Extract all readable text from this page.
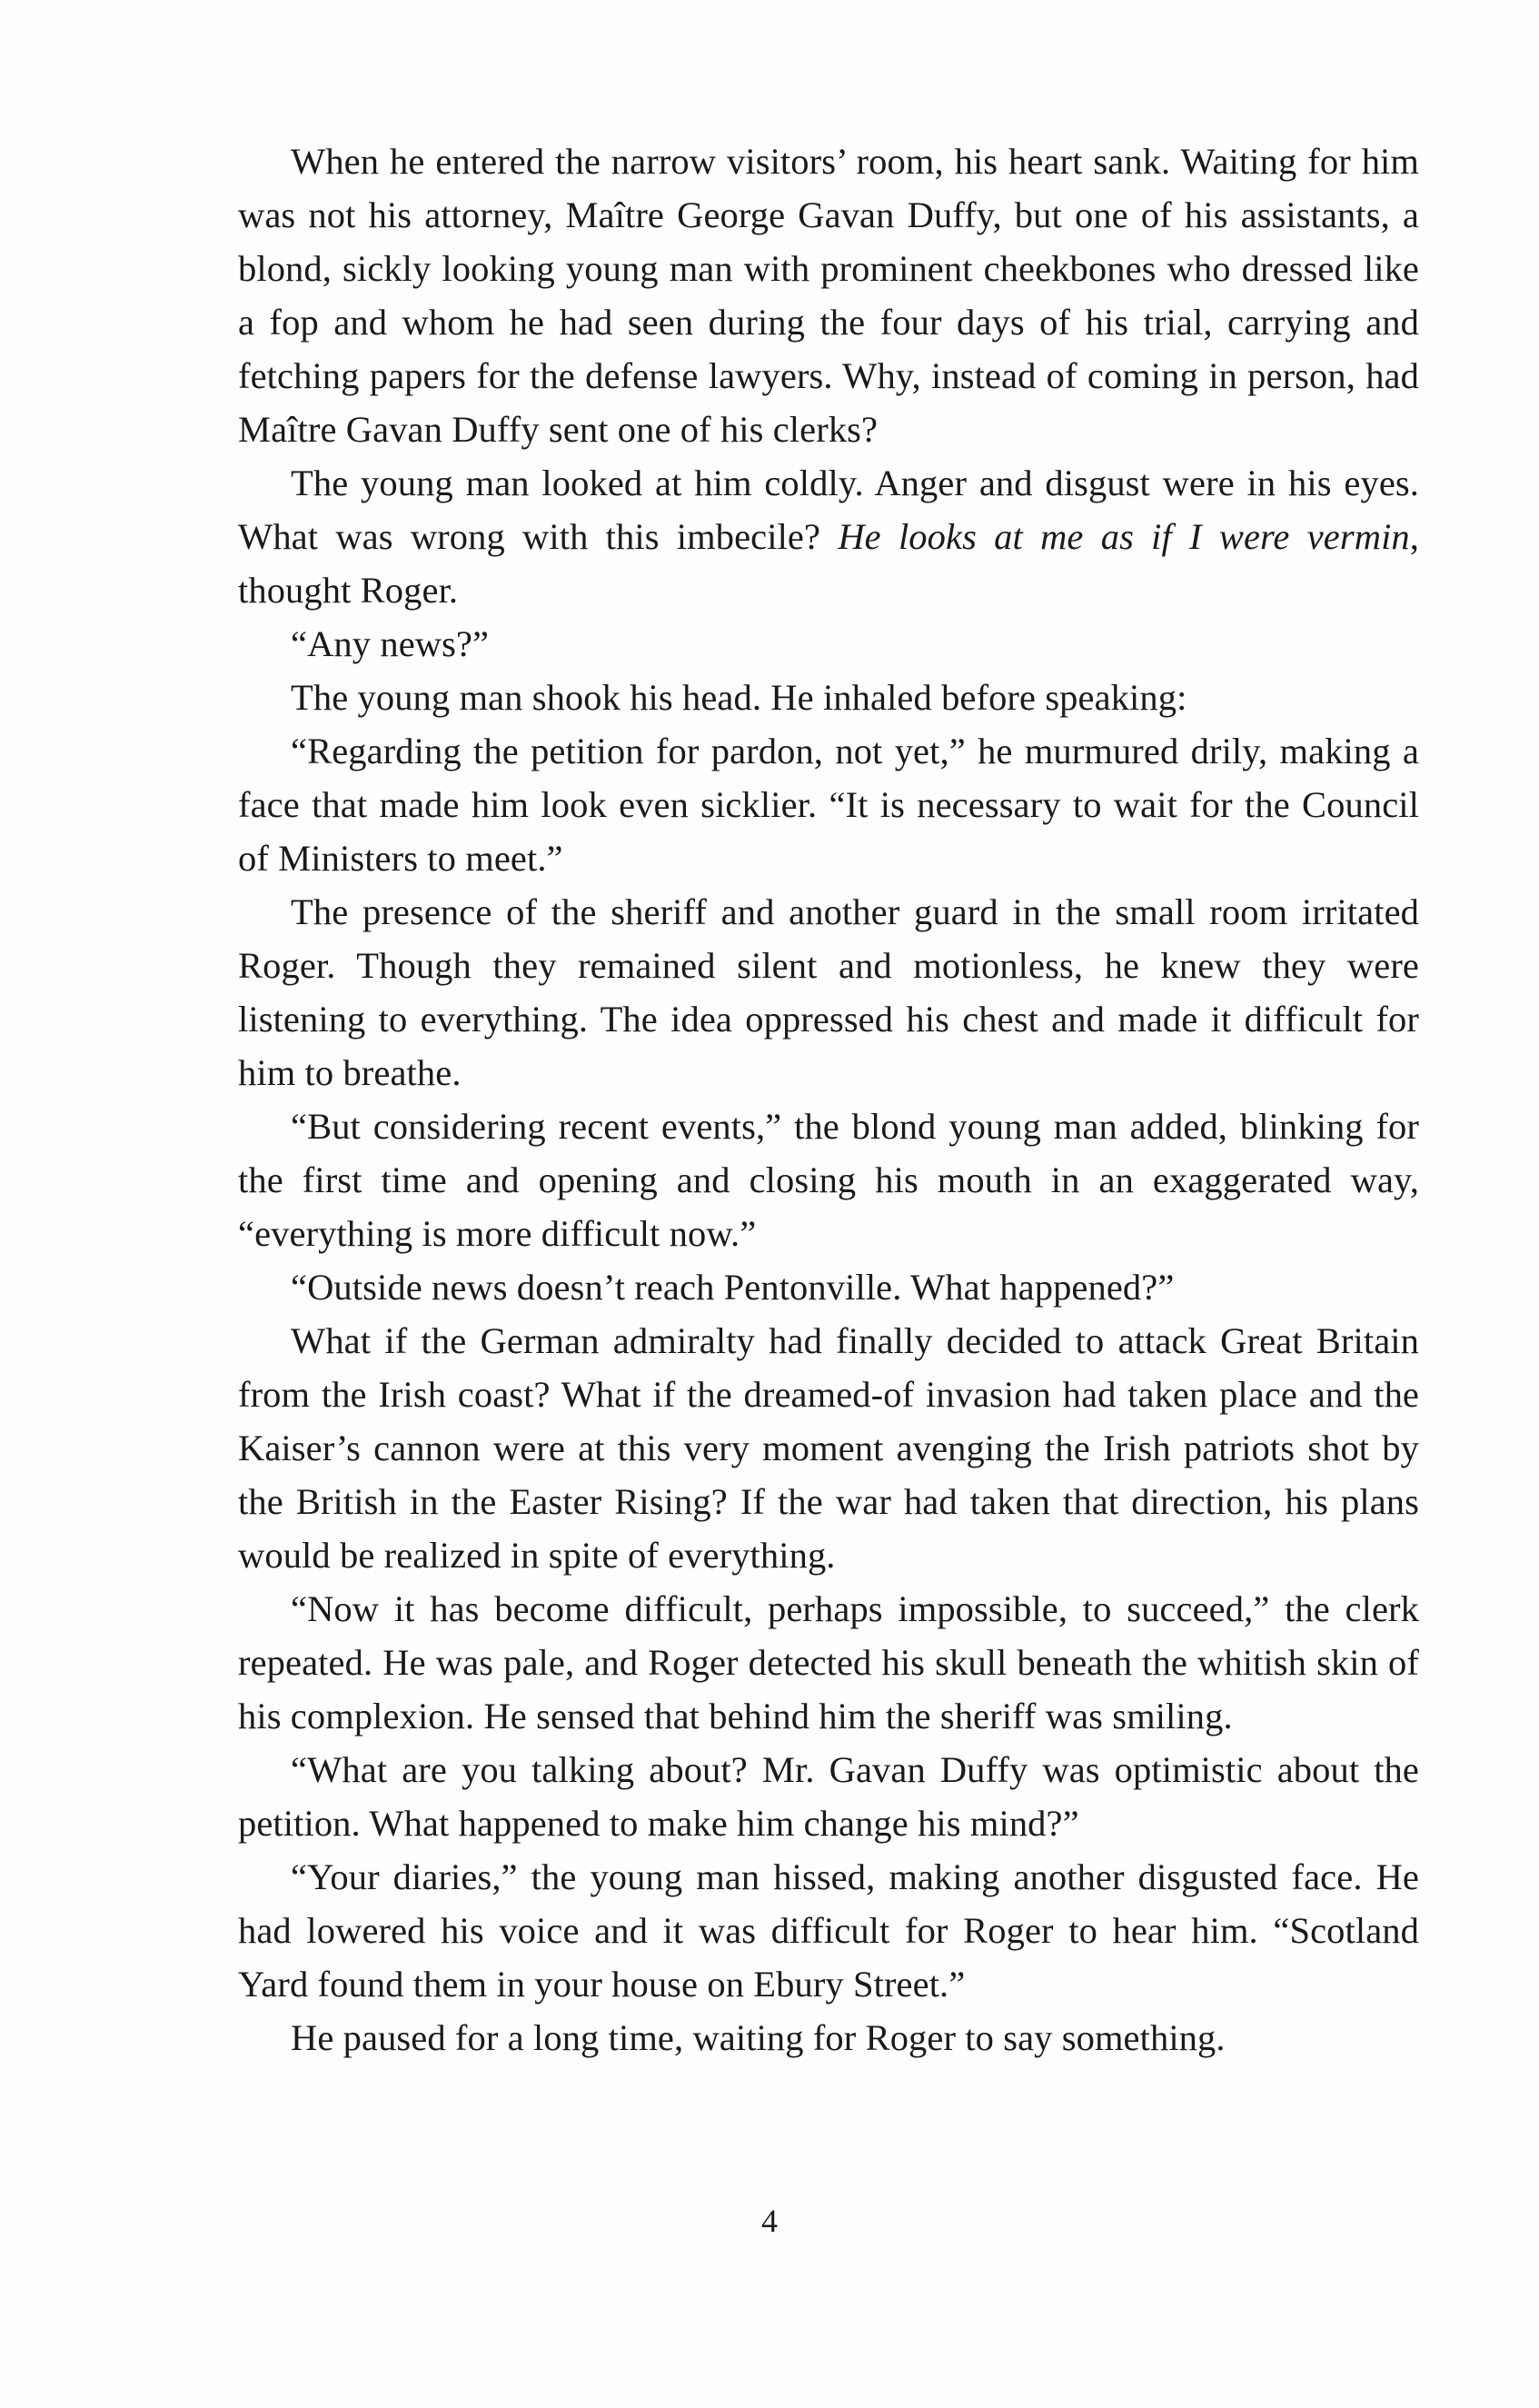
When he entered the narrow visitors’ room, his heart sank. Waiting for him was not his attorney, Maître George Gavan Duffy, but one of his assistants, a blond, sickly looking young man with prominent cheekbones who dressed like a fop and whom he had seen during the four days of his trial, carrying and fetching papers for the defense lawyers. Why, instead of coming in person, had Maître Gavan Duffy sent one of his clerks?

The young man looked at him coldly. Anger and disgust were in his eyes. What was wrong with this imbecile? He looks at me as if I were vermin, thought Roger.

“Any news?”

The young man shook his head. He inhaled before speaking:

“Regarding the petition for pardon, not yet,” he murmured drily, making a face that made him look even sicklier. “It is necessary to wait for the Council of Ministers to meet.”

The presence of the sheriff and another guard in the small room irritated Roger. Though they remained silent and motionless, he knew they were listening to everything. The idea oppressed his chest and made it difficult for him to breathe.

“But considering recent events,” the blond young man added, blinking for the first time and opening and closing his mouth in an exaggerated way, “everything is more difficult now.”

“Outside news doesn’t reach Pentonville. What happened?”

What if the German admiralty had finally decided to attack Great Britain from the Irish coast? What if the dreamed-of invasion had taken place and the Kaiser’s cannon were at this very moment avenging the Irish patriots shot by the British in the Easter Rising? If the war had taken that direction, his plans would be realized in spite of everything.

“Now it has become difficult, perhaps impossible, to succeed,” the clerk repeated. He was pale, and Roger detected his skull beneath the whitish skin of his complexion. He sensed that behind him the sheriff was smiling.

“What are you talking about? Mr. Gavan Duffy was optimistic about the petition. What happened to make him change his mind?”

“Your diaries,” the young man hissed, making another disgusted face. He had lowered his voice and it was difficult for Roger to hear him. “Scotland Yard found them in your house on Ebury Street.”

He paused for a long time, waiting for Roger to say something.

4
